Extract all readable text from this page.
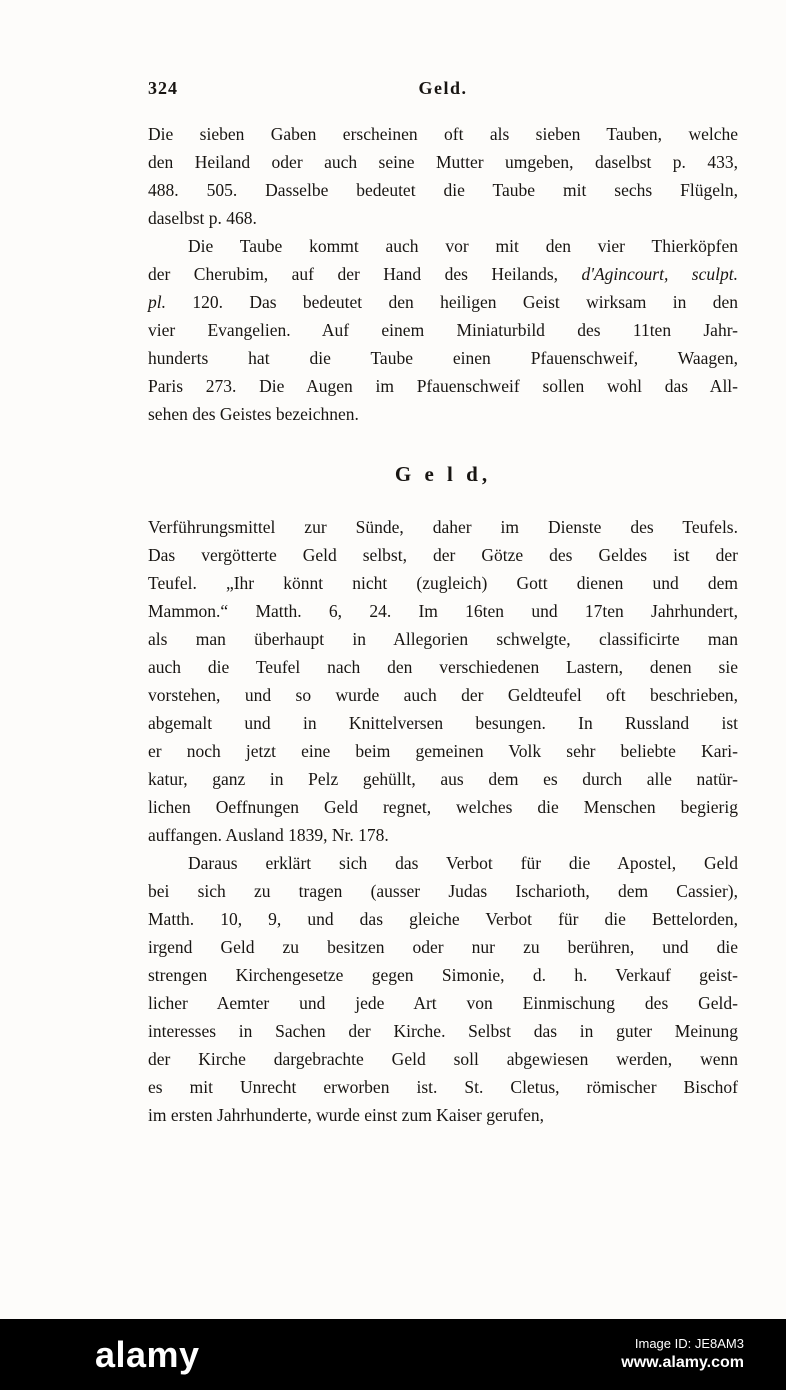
324	Geld.
Die sieben Gaben erscheinen oft als sieben Tauben, welche
den Heiland oder auch seine Mutter umgeben, daselbst p. 433,
488. 505. Dasselbe bedeutet die Taube mit sechs Flügeln,
daselbst p. 468.
Die Taube kommt auch vor mit den vier Thierköpfen
der Cherubim, auf der Hand des Heilands, d'Agincourt, sculpt.
pl. 120. Das bedeutet den heiligen Geist wirksam in den
vier Evangelien. Auf einem Miniaturbild des 11ten Jahr-
hunderts hat die Taube einen Pfauenschweif, Waagen,
Paris 273. Die Augen im Pfauenschweif sollen wohl das All-
sehen des Geistes bezeichnen.
G e l d,
Verführungsmittel zur Sünde, daher im Dienste des Teufels.
Das vergötterte Geld selbst, der Götze des Geldes ist der
Teufel. „Ihr könnt nicht (zugleich) Gott dienen und dem
Mammon.“ Matth. 6, 24. Im 16ten und 17ten Jahrhundert,
als man überhaupt in Allegorien schwelgte, classificirte man
auch die Teufel nach den verschiedenen Lastern, denen sie
vorstehen, und so wurde auch der Geldteufel oft beschrieben,
abgemalt und in Knittelversen besungen. In Russland ist
er noch jetzt eine beim gemeinen Volk sehr beliebte Kari-
katur, ganz in Pelz gehüllt, aus dem es durch alle natür-
lichen Oeffnungen Geld regnet, welches die Menschen begierig
auffangen. Ausland 1839, Nr. 178.
Daraus erklärt sich das Verbot für die Apostel, Geld
bei sich zu tragen (ausser Judas Ischarioth, dem Cassier),
Matth. 10, 9, und das gleiche Verbot für die Bettelorden,
irgend Geld zu besitzen oder nur zu berühren, und die
strengen Kirchengesetze gegen Simonie, d. h. Verkauf geist-
licher Aemter und jede Art von Einmischung des Geld-
interesses in Sachen der Kirche. Selbst das in guter Meinung
der Kirche dargebrachte Geld soll abgewiesen werden, wenn
es mit Unrecht erworben ist. St. Cletus, römischer Bischof
im ersten Jahrhunderte, wurde einst zum Kaiser gerufen,
alamy	Image ID: JE8AM3
www.alamy.com
